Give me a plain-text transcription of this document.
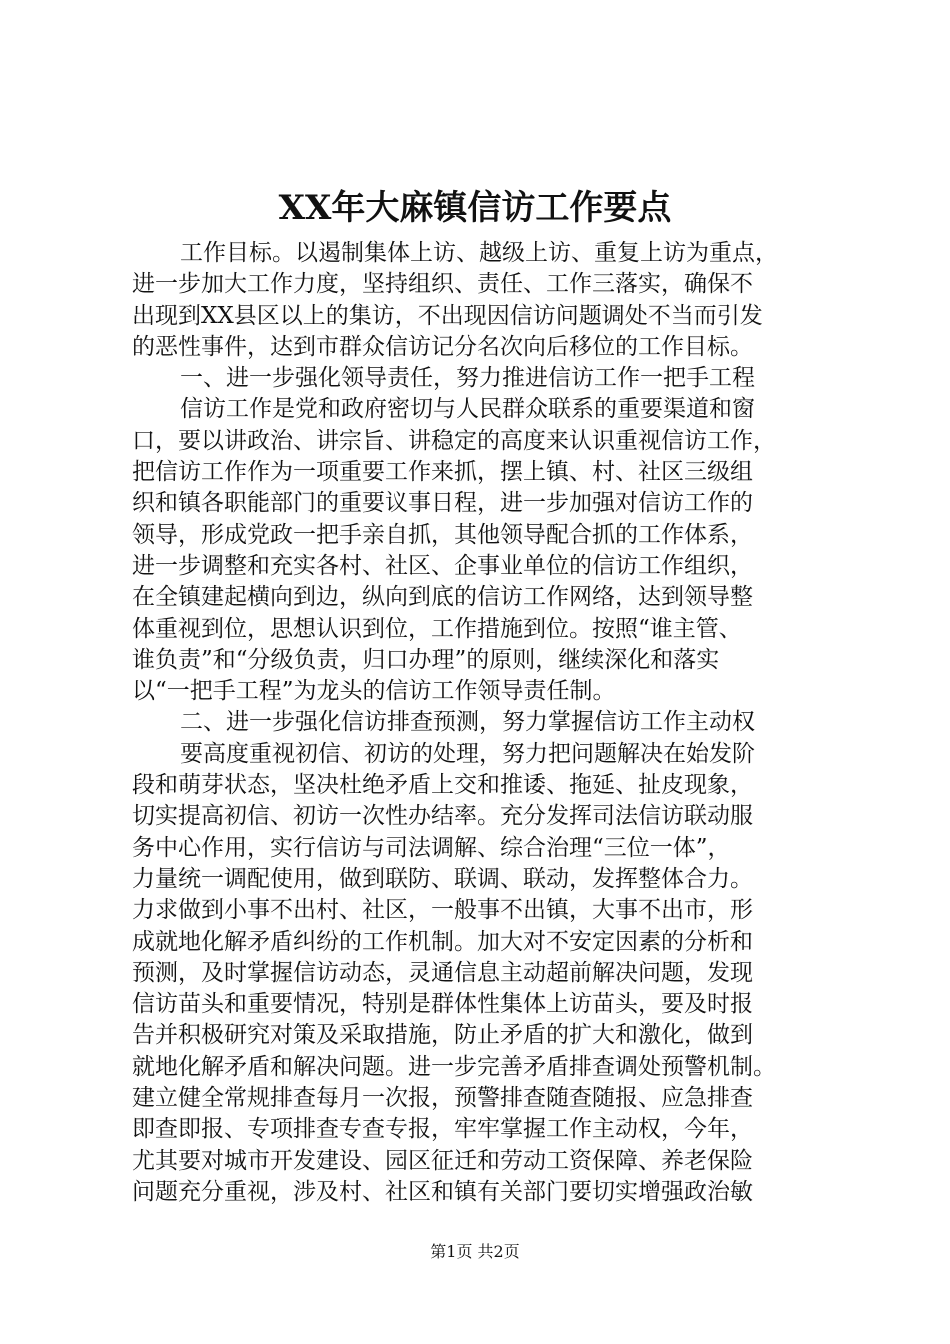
XX年大麻镇信访工作要点
工作目标。以遏制集体上访、越级上访、重复上访为重点，
进一步加大工作力度，坚持组织、责任、工作三落实，确保不
出现到XX县区以上的集访，不出现因信访问题调处不当而引发
的恶性事件，达到市群众信访记分名次向后移位的工作目标。
一、进一步强化领导责任，努力推进信访工作一把手工程
信访工作是党和政府密切与人民群众联系的重要渠道和窗
口，要以讲政治、讲宗旨、讲稳定的高度来认识重视信访工作，
把信访工作作为一项重要工作来抓，摆上镇、村、社区三级组
织和镇各职能部门的重要议事日程，进一步加强对信访工作的
领导，形成党政一把手亲自抓，其他领导配合抓的工作体系，
进一步调整和充实各村、社区、企事业单位的信访工作组织，
在全镇建起横向到边，纵向到底的信访工作网络，达到领导整
体重视到位，思想认识到位，工作措施到位。按照“谁主管、
谁负责”和“分级负责，归口办理”的原则，继续深化和落实
以“一把手工程”为龙头的信访工作领导责任制。
二、进一步强化信访排查预测，努力掌握信访工作主动权
要高度重视初信、初访的处理，努力把问题解决在始发阶
段和萌芽状态，坚决杜绝矛盾上交和推诿、拖延、扯皮现象，
切实提高初信、初访一次性办结率。充分发挥司法信访联动服
务中心作用，实行信访与司法调解、综合治理“三位一体”，
力量统一调配使用，做到联防、联调、联动，发挥整体合力。
力求做到小事不出村、社区，一般事不出镇，大事不出市，形
成就地化解矛盾纠纷的工作机制。加大对不安定因素的分析和
预测，及时掌握信访动态，灵通信息主动超前解决问题，发现
信访苗头和重要情况，特别是群体性集体上访苗头，要及时报
告并积极研究对策及采取措施，防止矛盾的扩大和激化，做到
就地化解矛盾和解决问题。进一步完善矛盾排查调处预警机制。
建立健全常规排查每月一次报，预警排查随查随报、应急排查
即查即报、专项排查专查专报，牢牢掌握工作主动权，今年，
尤其要对城市开发建设、园区征迁和劳动工资保障、养老保险
问题充分重视，涉及村、社区和镇有关部门要切实增强政治敏
第1页 共2页
